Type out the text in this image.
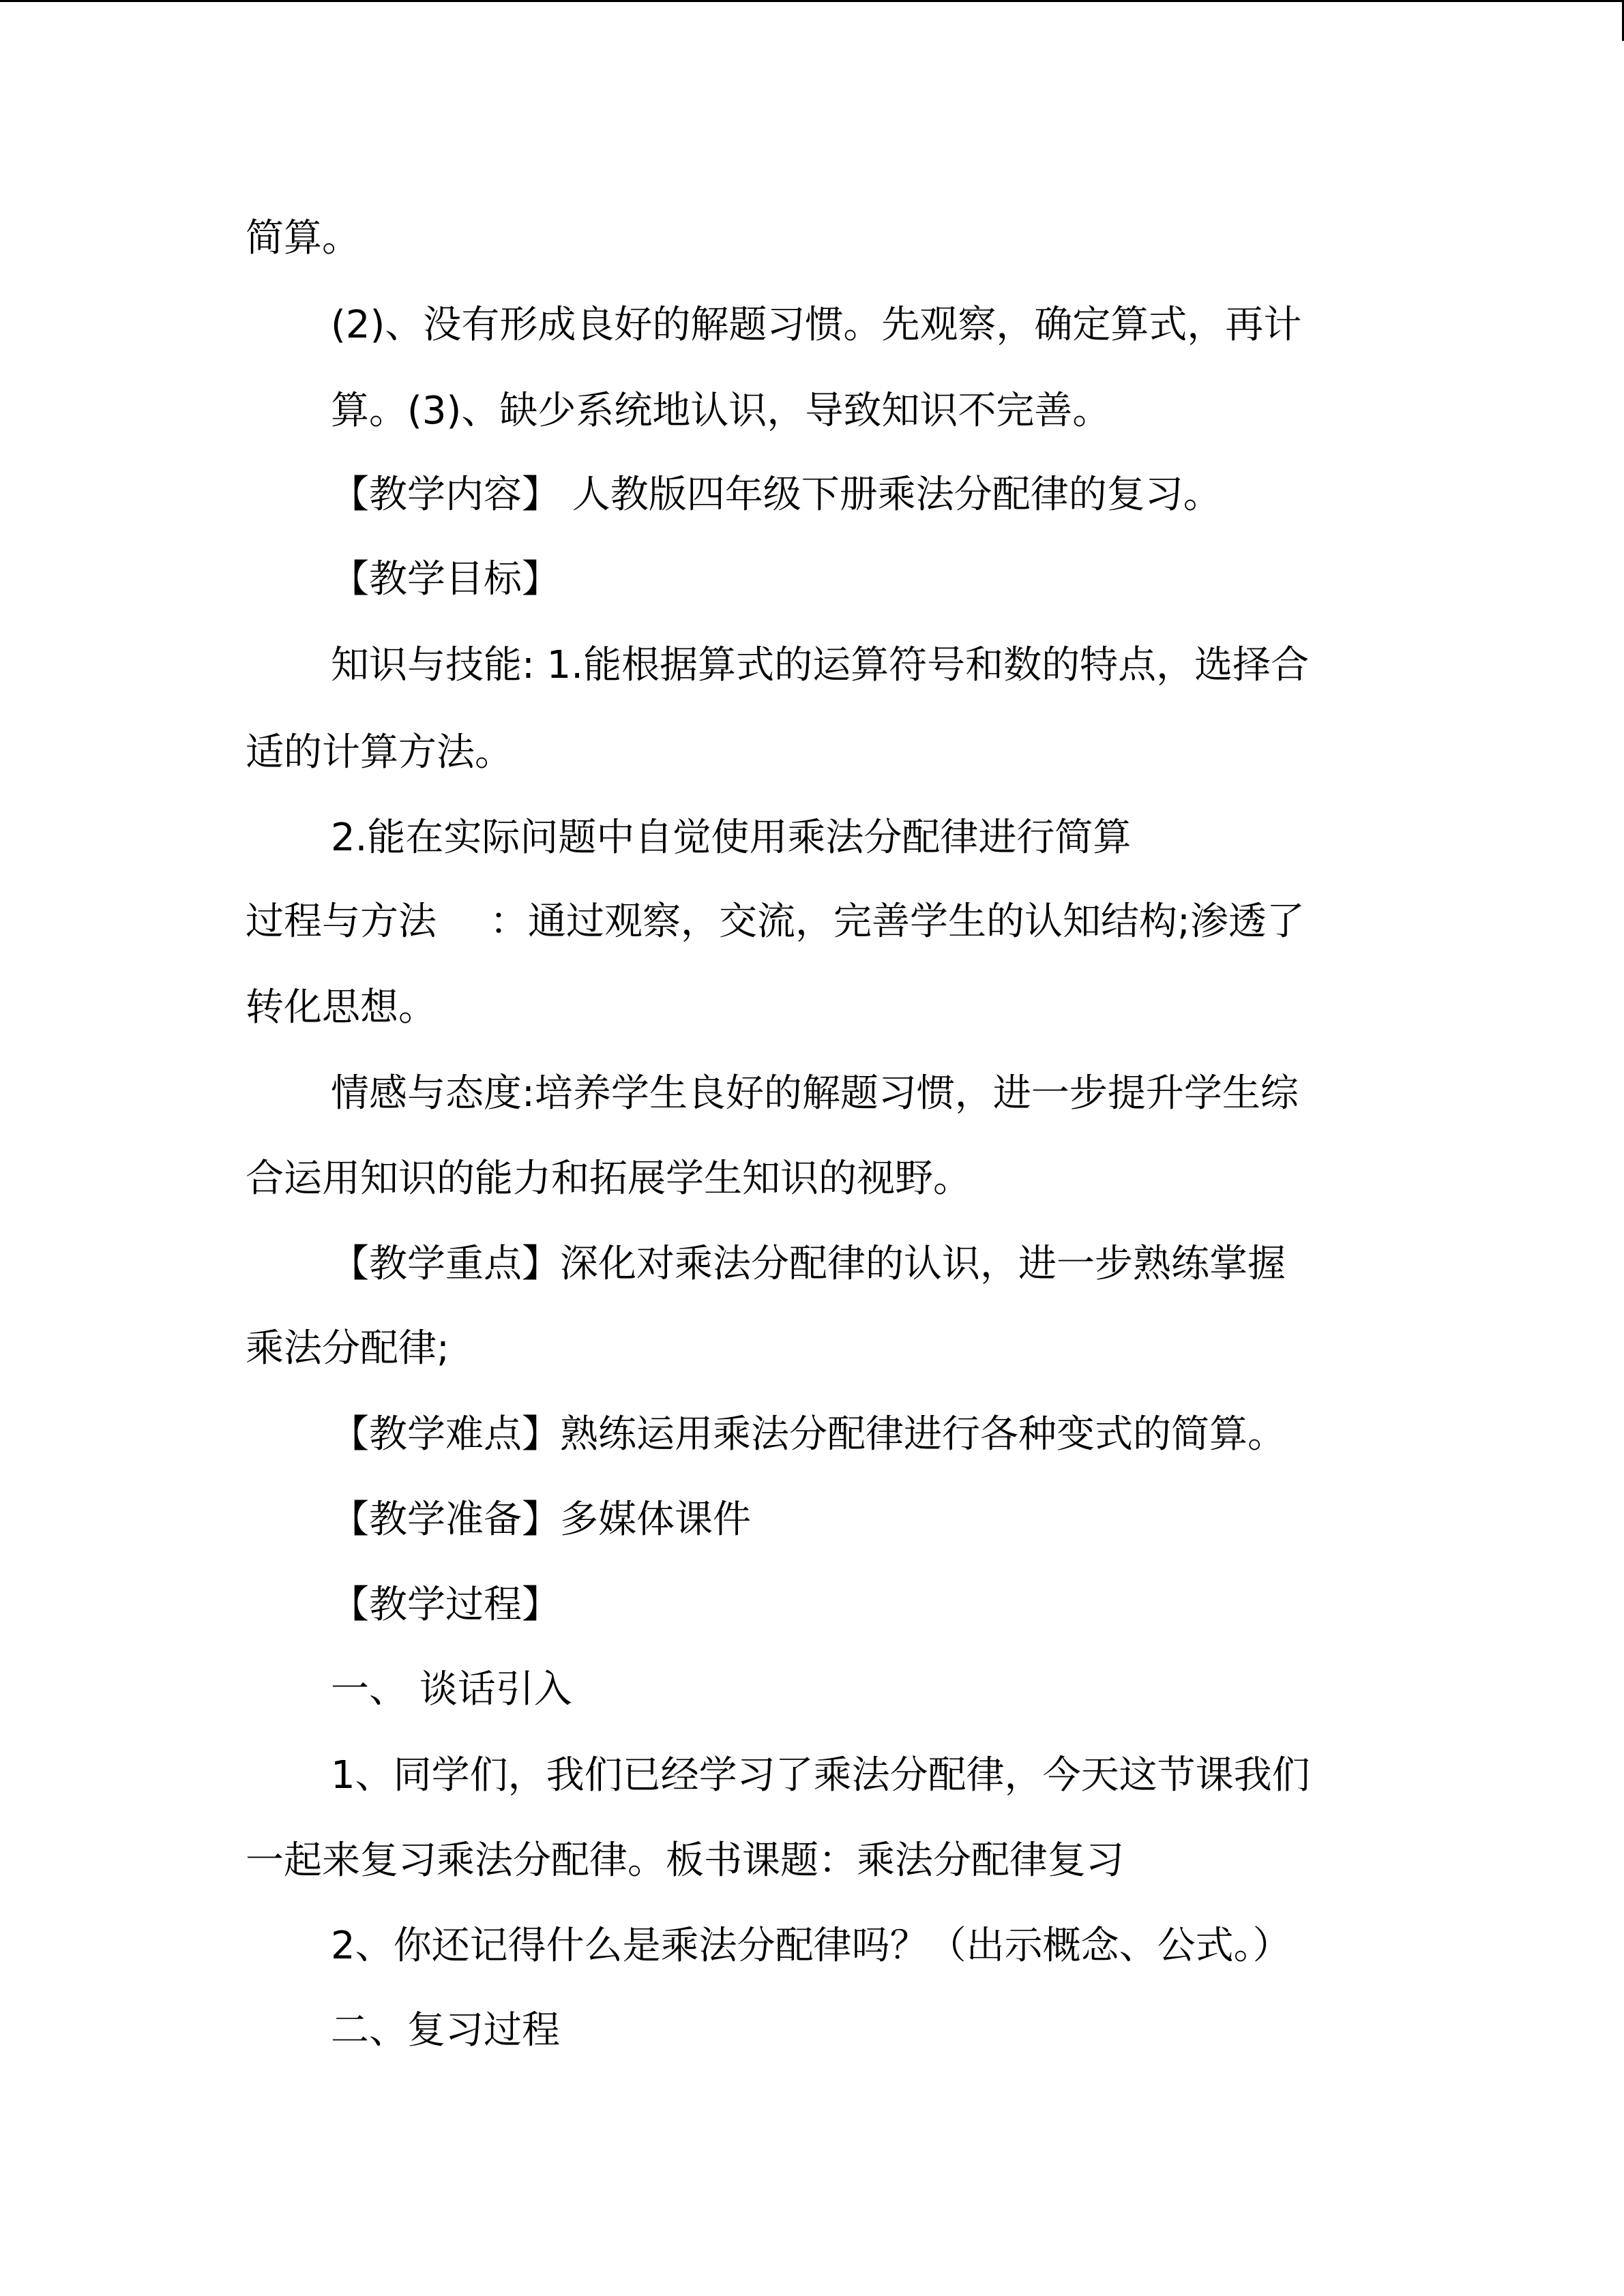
简算。

(2)、没有形成良好的解题习惯。先观察，确定算式，再计

算。(3)、缺少系统地认识，导致知识不完善。

【教学内容】 人教版四年级下册乘法分配律的复习。

【教学目标】

知识与技能: 1.能根据算式的运算符号和数的特点，选择合

适的计算方法。

2.能在实际问题中自觉使用乘法分配律进行简算

过程与方法 ：通过观察，交流，完善学生的认知结构;渗透了

转化思想。

情感与态度:培养学生良好的解题习惯，进一步提升学生综

合运用知识的能力和拓展学生知识的视野。

【教学重点】深化对乘法分配律的认识，进一步熟练掌握

乘法分配律;

【教学难点】熟练运用乘法分配律进行各种变式的简算。

【教学准备】多媒体课件

【教学过程】

一、 谈话引入

1、同学们，我们已经学习了乘法分配律，今天这节课我们

一起来复习乘法分配律。板书课题：乘法分配律复习

2、你还记得什么是乘法分配律吗？（出示概念、公式。）

二、复习过程
